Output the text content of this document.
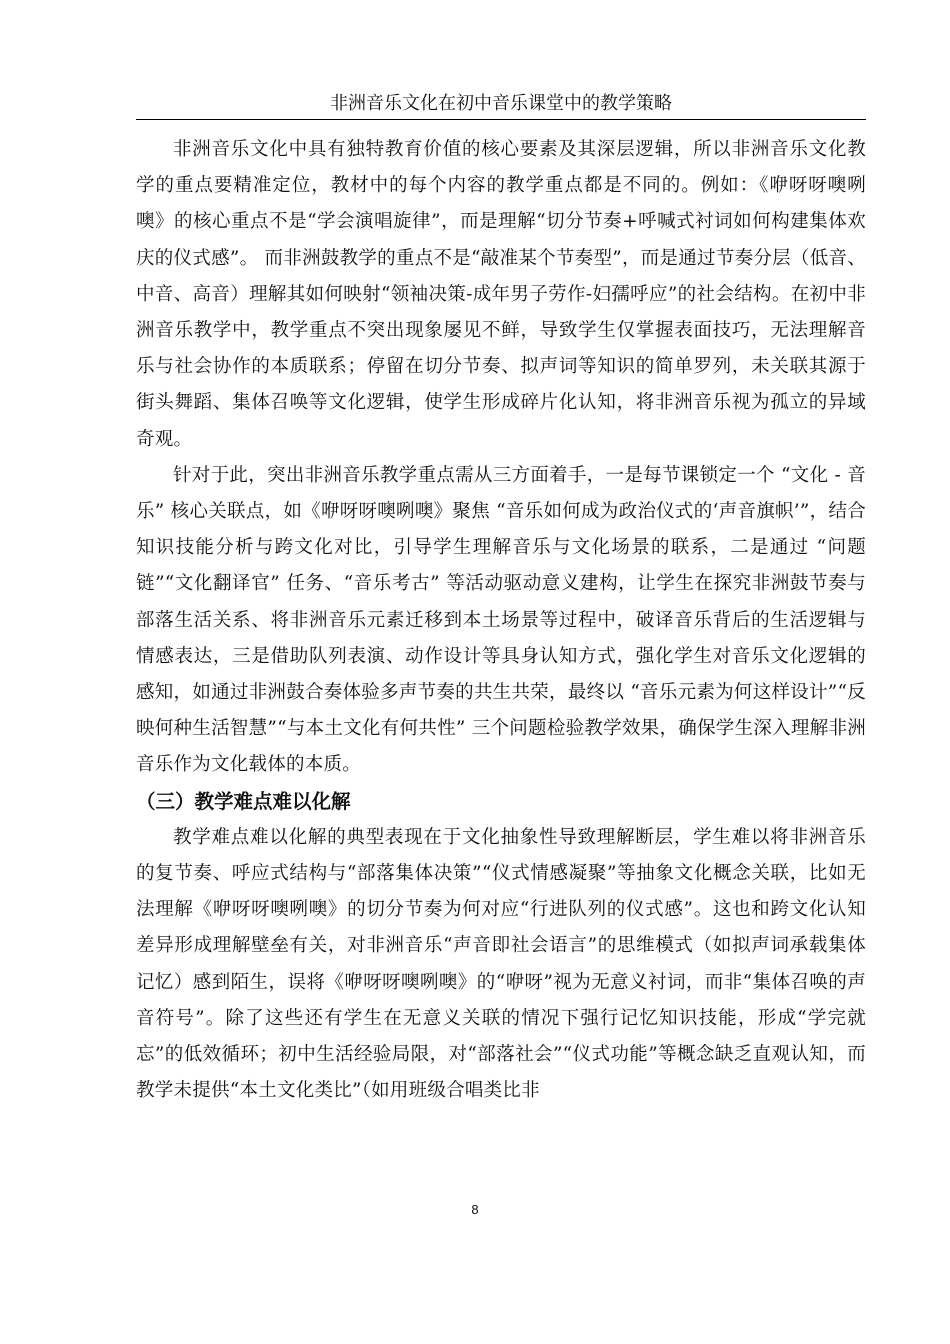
非洲音乐文化在初中音乐课堂中的教学策略

非洲音乐文化中具有独特教育价值的核心要素及其深层逻辑，所以非洲音乐文化教学的重点要精准定位，教材中的每个内容的教学重点都是不同的。例如：《咿呀呀噢咧噢》的核心重点不是“学会演唱旋律”，而是理解“切分节奏+呼喊式衬词如何构建集体欢庆的仪式感”。 而非洲鼓教学的重点不是“敲准某个节奏型”，而是通过节奏分层（低音、中音、高音）理解其如何映射“领袖决策-成年男子劳作-妇孺呼应”的社会结构。在初中非洲音乐教学中，教学重点不突出现象屡见不鲜，导致学生仅掌握表面技巧，无法理解音乐与社会协作的本质联系；停留在切分节奏、拟声词等知识的简单罗列，未关联其源于街头舞蹈、集体召唤等文化逻辑，使学生形成碎片化认知，将非洲音乐视为孤立的异域奇观。

针对于此，突出非洲音乐教学重点需从三方面着手，一是每节课锁定一个 “文化 - 音乐” 核心关联点，如《咿呀呀噢咧噢》聚焦 “音乐如何成为政治仪式的‘声音旗帜’”，结合知识技能分析与跨文化对比，引导学生理解音乐与文化场景的联系，二是通过 “问题链”“文化翻译官” 任务、“音乐考古” 等活动驱动意义建构，让学生在探究非洲鼓节奏与部落生活关系、将非洲音乐元素迁移到本土场景等过程中，破译音乐背后的生活逻辑与情感表达，三是借助队列表演、动作设计等具身认知方式，强化学生对音乐文化逻辑的感知，如通过非洲鼓合奏体验多声节奏的共生共荣，最终以 “音乐元素为何这样设计”“反映何种生活智慧”“与本土文化有何共性” 三个问题检验教学效果，确保学生深入理解非洲音乐作为文化载体的本质。

（三）教学难点难以化解

教学难点难以化解的典型表现在于文化抽象性导致理解断层，学生难以将非洲音乐的复节奏、呼应式结构与“部落集体决策”“仪式情感凝聚”等抽象文化概念关联，比如无法理解《咿呀呀噢咧噢》的切分节奏为何对应“行进队列的仪式感”。这也和跨文化认知差异形成理解壁垒有关，对非洲音乐“声音即社会语言”的思维模式（如拟声词承载集体记忆）感到陌生，误将《咿呀呀噢咧噢》的“咿呀”视为无意义衬词，而非“集体召唤的声音符号”。除了这些还有学生在无意义关联的情况下强行记忆知识技能，形成“学完就忘”的低效循环；初中生活经验局限，对“部落社会”“仪式功能”等概念缺乏直观认知，而教学未提供“本土文化类比”（如用班级合唱类比非

8
